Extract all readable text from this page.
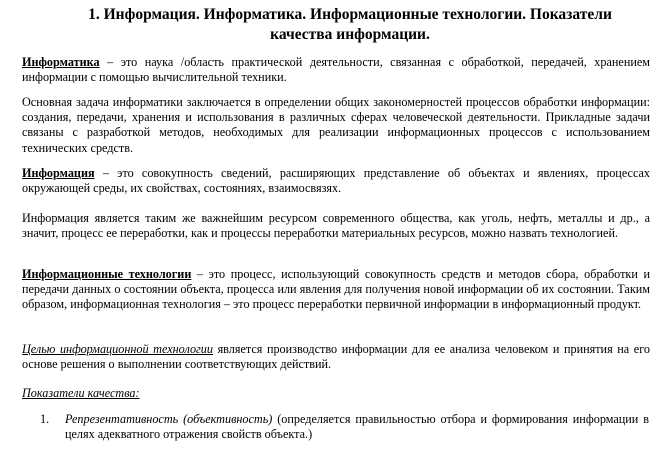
1. Информация. Информатика. Информационные технологии. Показатели качества информации.

Информатика – это наука /область практической деятельности, связанная с обработкой, передачей, хранением информации с помощью вычислительной техники.

Основная задача информатики заключается в определении общих закономерностей процессов обработки информации: создания, передачи, хранения и использования в различных сферах человеческой деятельности. Прикладные задачи связаны с разработкой методов, необходимых для реализации информационных процессов с использованием технических средств.

Информация – это совокупность сведений, расширяющих представление об объектах и явлениях, процессах окружающей среды, их свойствах, состояниях, взаимосвязях.

Информация является таким же важнейшим ресурсом современного общества, как уголь, нефть, металлы и др., а значит, процесс ее переработки, как и процессы переработки материальных ресурсов, можно назвать технологией.

Информационные технологии – это процесс, использующий совокупность средств и методов сбора, обработки и передачи данных о состоянии объекта, процесса или явления для получения новой информации об их состоянии. Таким образом, информационная технология – это процесс переработки первичной информации в информационный продукт.

Целью информационной технологии является производство информации для ее анализа человеком и принятия на его основе решения о выполнении соответствующих действий.

Показатели качества:

1. Репрезентативность (объективность) (определяется правильностью отбора и формирования информации в целях адекватного отражения свойств объекта.)
